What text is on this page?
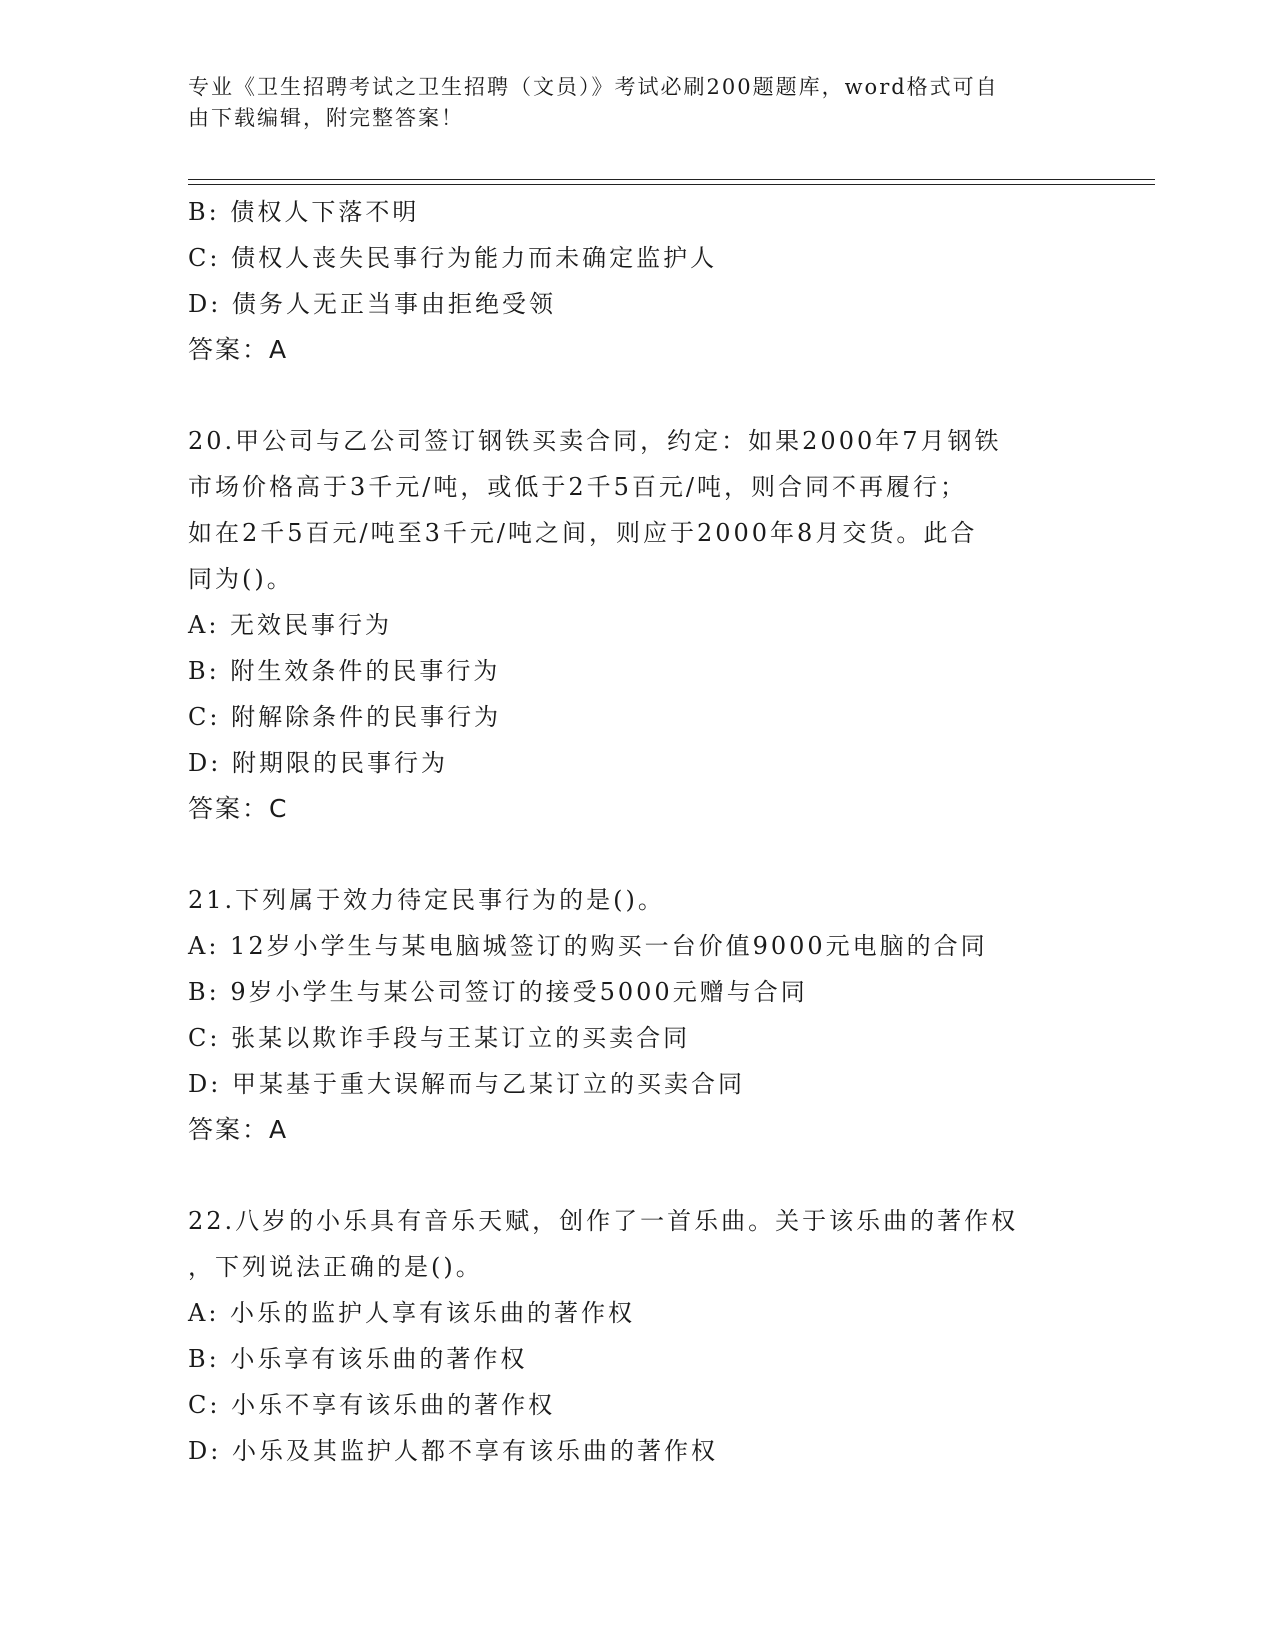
专业《卫生招聘考试之卫生招聘（文员）》考试必刷200题题库，word格式可自
由下载编辑，附完整答案！
B: 债权人下落不明
C: 债权人丧失民事行为能力而未确定监护人
D: 债务人无正当事由拒绝受领
答案：A
20.甲公司与乙公司签订钢铁买卖合同，约定：如果2000年7月钢铁
市场价格高于3千元/吨，或低于2千5百元/吨，则合同不再履行；
如在2千5百元/吨至3千元/吨之间，则应于2000年8月交货。此合
同为()。
A: 无效民事行为
B: 附生效条件的民事行为
C: 附解除条件的民事行为
D: 附期限的民事行为
答案：C
21.下列属于效力待定民事行为的是()。
A: 12岁小学生与某电脑城签订的购买一台价值9000元电脑的合同
B: 9岁小学生与某公司签订的接受5000元赠与合同
C: 张某以欺诈手段与王某订立的买卖合同
D: 甲某基于重大误解而与乙某订立的买卖合同
答案：A
22.八岁的小乐具有音乐天赋，创作了一首乐曲。关于该乐曲的著作权
，下列说法正确的是()。
A: 小乐的监护人享有该乐曲的著作权
B: 小乐享有该乐曲的著作权
C: 小乐不享有该乐曲的著作权
D: 小乐及其监护人都不享有该乐曲的著作权
